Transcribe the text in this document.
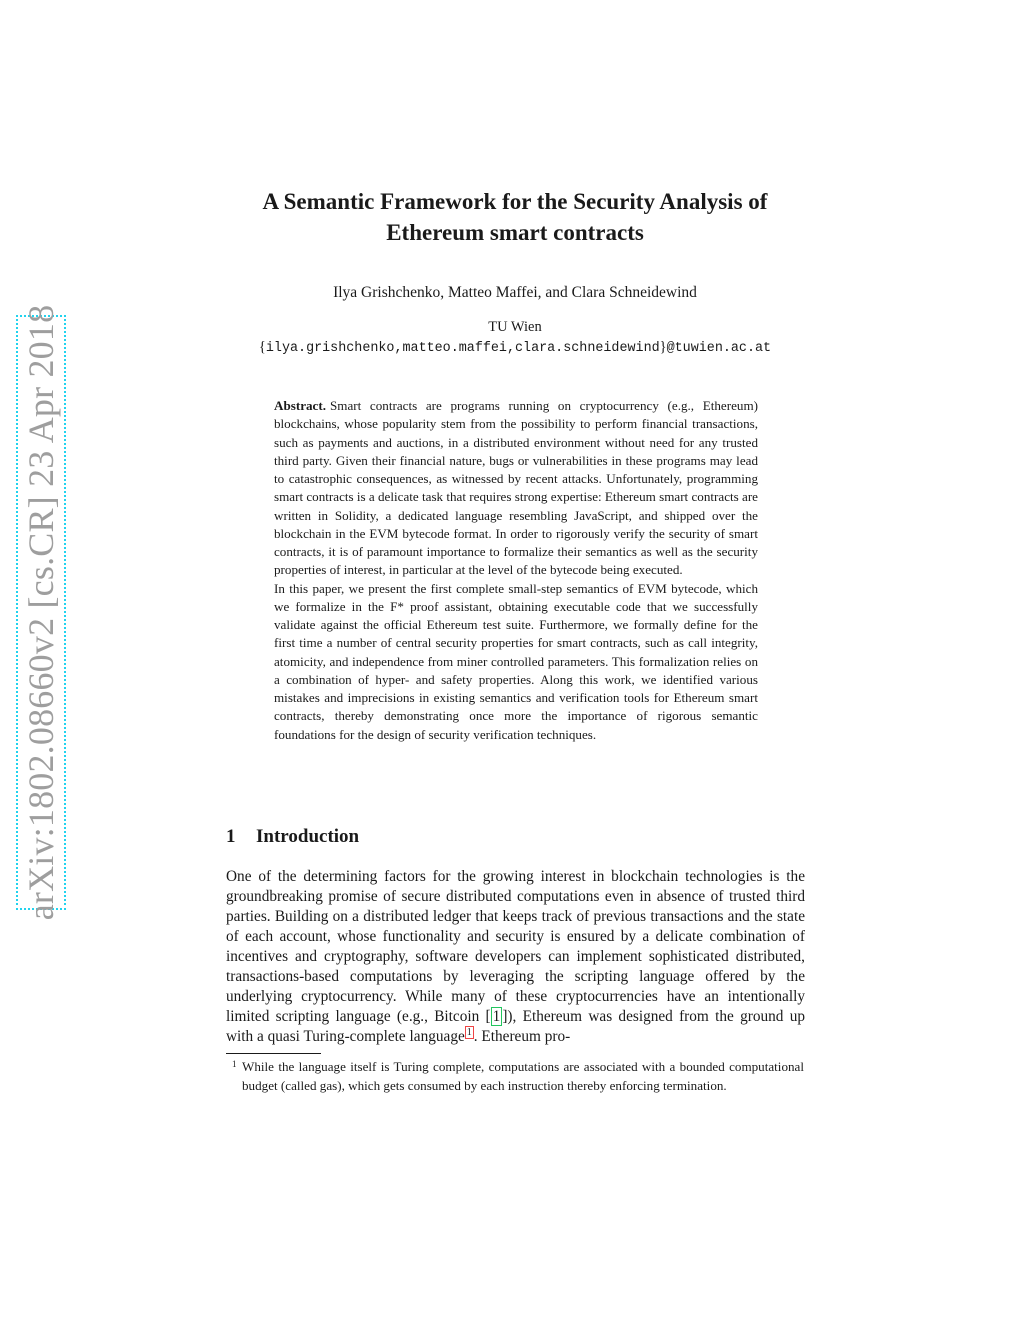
arXiv:1802.08660v2 [cs.CR] 23 Apr 2018
A Semantic Framework for the Security Analysis of
Ethereum smart contracts

Ilya Grishchenko, Matteo Maffei, and Clara Schneidewind

TU Wien
{ilya.grishchenko,matteo.maffei,clara.schneidewind}@tuwien.ac.at

Abstract. Smart contracts are programs running on cryptocurrency (e.g., Ethereum) blockchains, whose popularity stem from the possibility to perform financial transactions, such as payments and auctions, in a distributed environment without need for any trusted third party. Given their financial nature, bugs or vulnerabilities in these programs may lead to catastrophic consequences, as witnessed by recent attacks. Unfortunately, programming smart contracts is a delicate task that requires strong expertise: Ethereum smart contracts are written in Solidity, a dedicated language resembling JavaScript, and shipped over the blockchain in the EVM bytecode format. In order to rigorously verify the security of smart contracts, it is of paramount importance to formalize their semantics as well as the security properties of interest, in particular at the level of the bytecode being executed.

In this paper, we present the first complete small-step semantics of EVM bytecode, which we formalize in the F* proof assistant, obtaining executable code that we successfully validate against the official Ethereum test suite. Furthermore, we formally define for the first time a number of central security properties for smart contracts, such as call integrity, atomicity, and independence from miner controlled parameters. This formalization relies on a combination of hyper- and safety properties. Along this work, we identified various mistakes and imprecisions in existing semantics and verification tools for Ethereum smart contracts, thereby demonstrating once more the importance of rigorous semantic foundations for the design of security verification techniques.

1 Introduction

One of the determining factors for the growing interest in blockchain technologies is the groundbreaking promise of secure distributed computations even in absence of trusted third parties. Building on a distributed ledger that keeps track of previous transactions and the state of each account, whose functionality and security is ensured by a delicate combination of incentives and cryptography, software developers can implement sophisticated distributed, transactions-based computations by leveraging the scripting language offered by the underlying cryptocurrency. While many of these cryptocurrencies have an intentionally limited scripting language (e.g., Bitcoin [ 1 ]), Ethereum was designed from the ground up with a quasi Turing-complete language $^1$ . Ethereum pro-

1 While the language itself is Turing complete, computations are associated with a bounded computational budget (called gas), which gets consumed by each instruction thereby enforcing termination.
